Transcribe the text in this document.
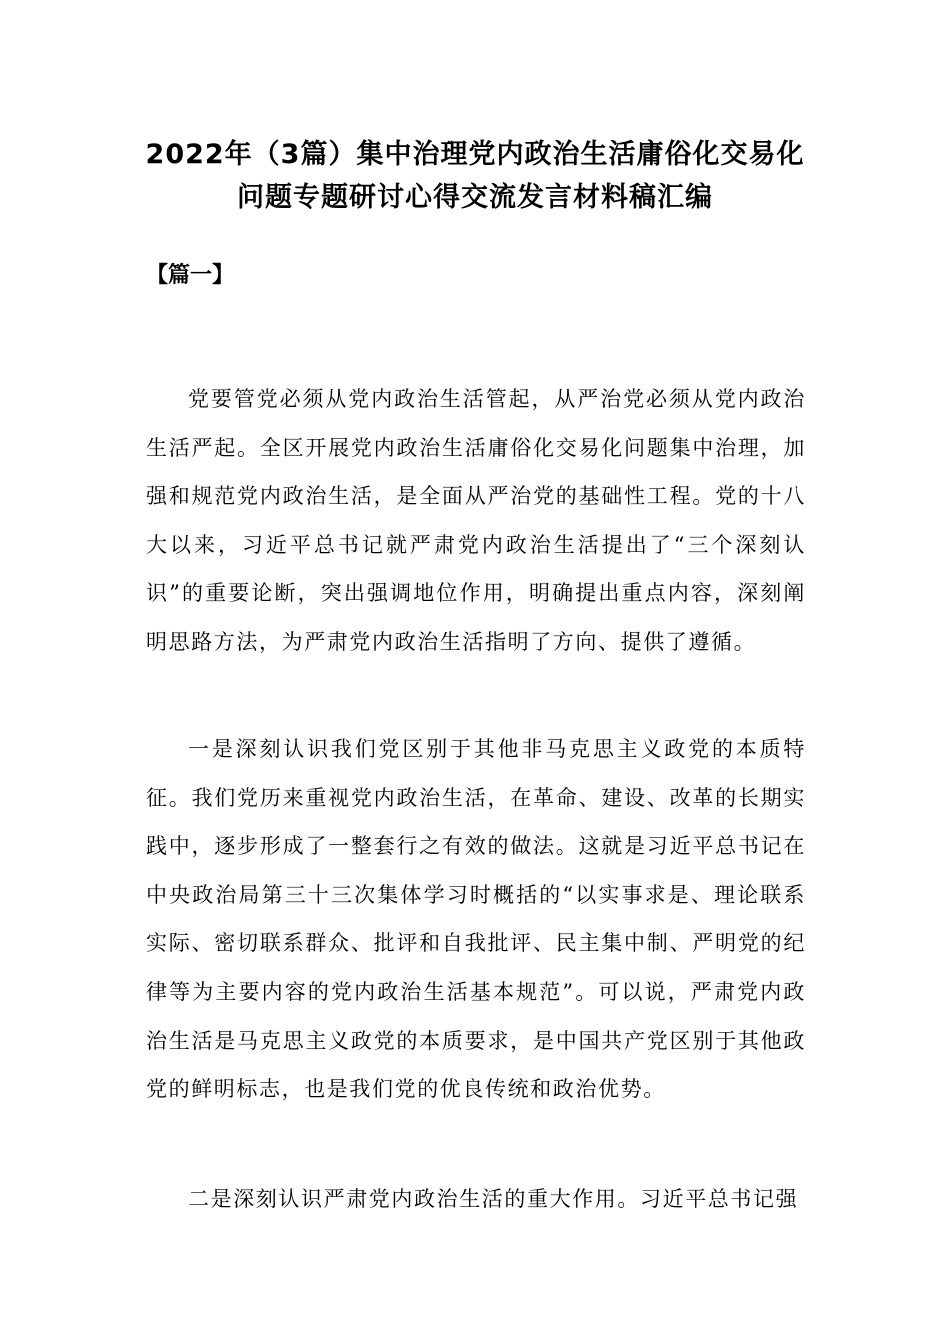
2022年（3篇）集中治理党内政治生活庸俗化交易化
问题专题研讨心得交流发言材料稿汇编
【篇一】

党要管党必须从党内政治生活管起，从严治党必须从党内政治生活严起。全区开展党内政治生活庸俗化交易化问题集中治理，加强和规范党内政治生活，是全面从严治党的基础性工程。党的十八大以来，习近平总书记就严肃党内政治生活提出了“三个深刻认识”的重要论断，突出强调地位作用，明确提出重点内容，深刻阐明思路方法，为严肃党内政治生活指明了方向、提供了遵循。

一是深刻认识我们党区别于其他非马克思主义政党的本质特征。我们党历来重视党内政治生活，在革命、建设、改革的长期实践中，逐步形成了一整套行之有效的做法。这就是习近平总书记在中央政治局第三十三次集体学习时概括的“以实事求是、理论联系实际、密切联系群众、批评和自我批评、民主集中制、严明党的纪律等为主要内容的党内政治生活基本规范”。可以说，严肃党内政治生活是马克思主义政党的本质要求，是中国共产党区别于其他政党的鲜明标志，也是我们党的优良传统和政治优势。

二是深刻认识严肃党内政治生活的重大作用。习近平总书记强
